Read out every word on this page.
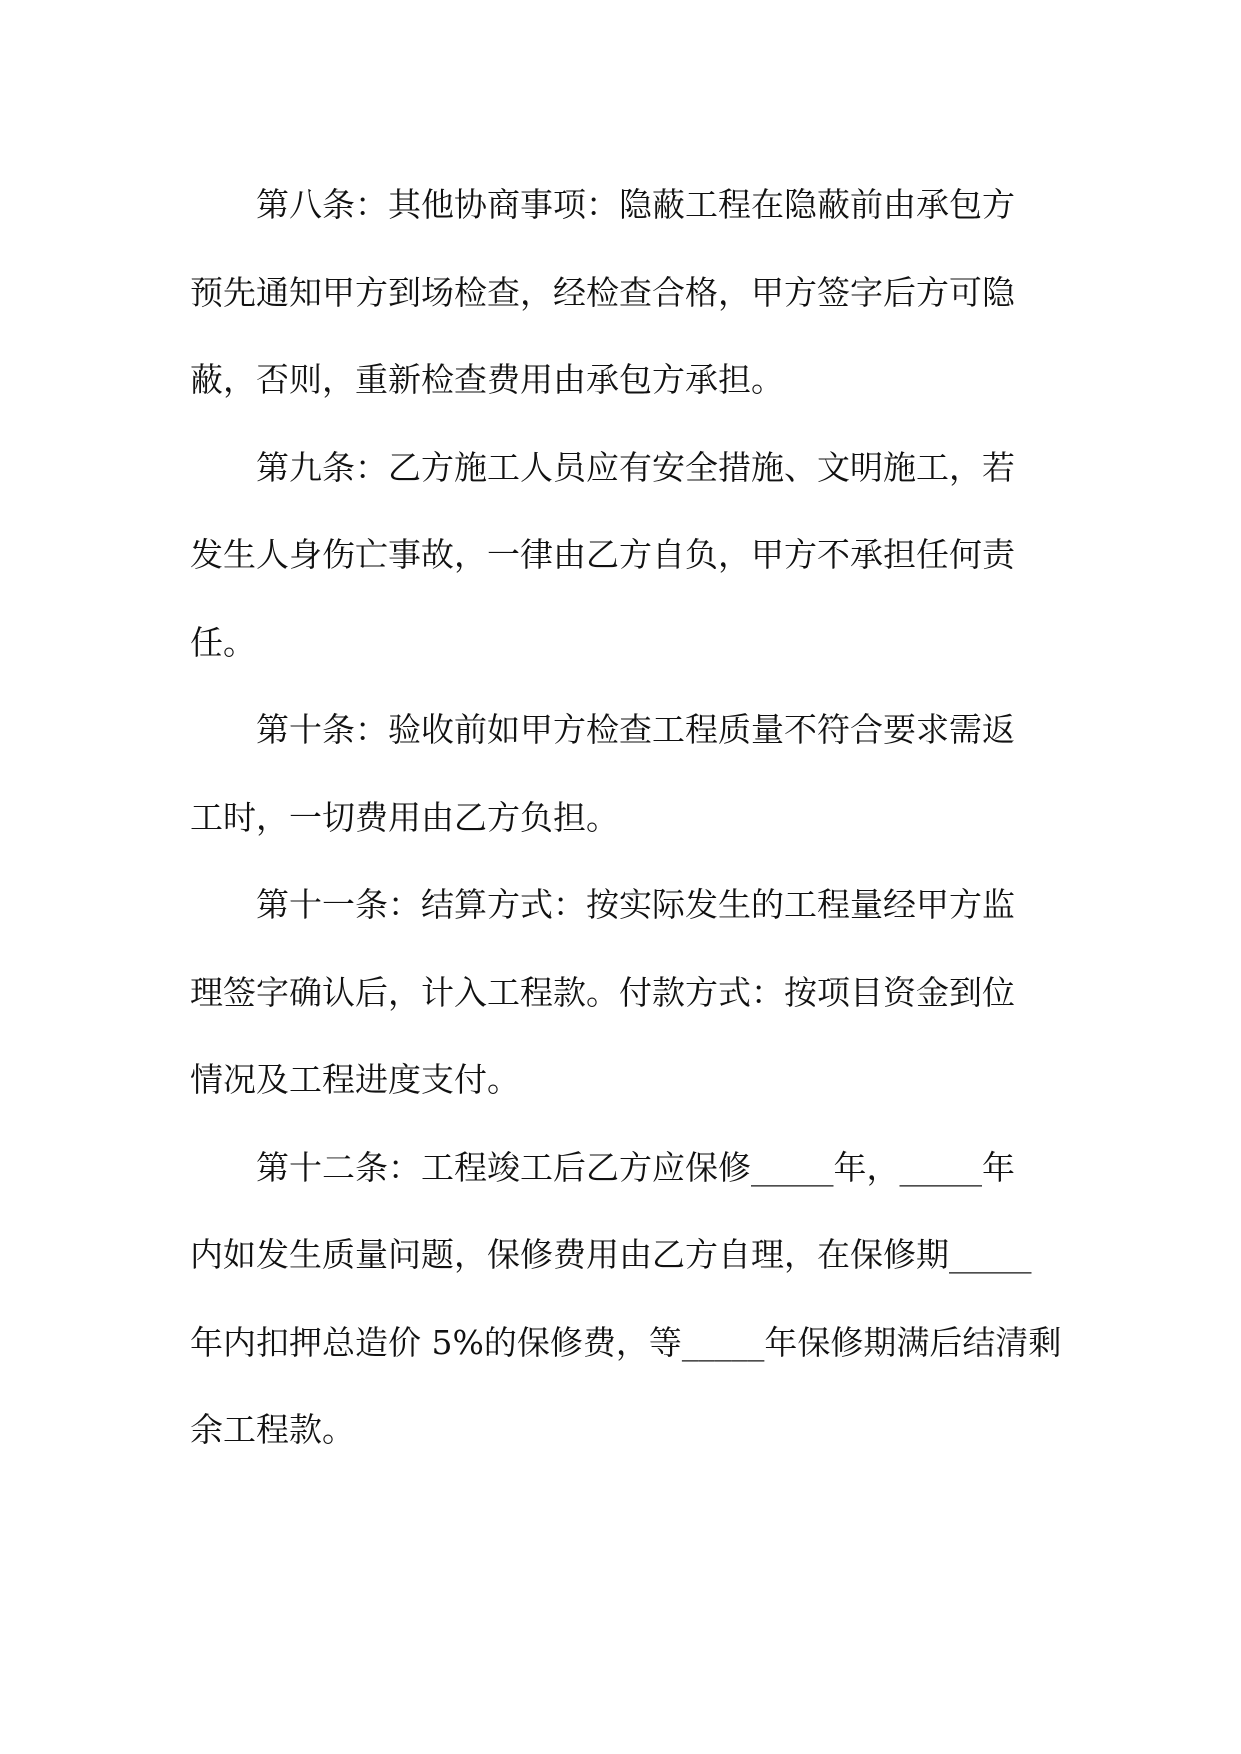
第八条：其他协商事项：隐蔽工程在隐蔽前由承包方
预先通知甲方到场检查，经检查合格，甲方签字后方可隐
蔽，否则，重新检查费用由承包方承担。
第九条：乙方施工人员应有安全措施、文明施工，若
发生人身伤亡事故，一律由乙方自负，甲方不承担任何责
任。
第十条：验收前如甲方检查工程质量不符合要求需返
工时，一切费用由乙方负担。
第十一条：结算方式：按实际发生的工程量经甲方监
理签字确认后，计入工程款。付款方式：按项目资金到位
情况及工程进度支付。
第十二条：工程竣工后乙方应保修_____年，_____年
内如发生质量问题，保修费用由乙方自理，在保修期_____
年内扣押总造价 5%的保修费，等_____年保修期满后结清剩
余工程款。
